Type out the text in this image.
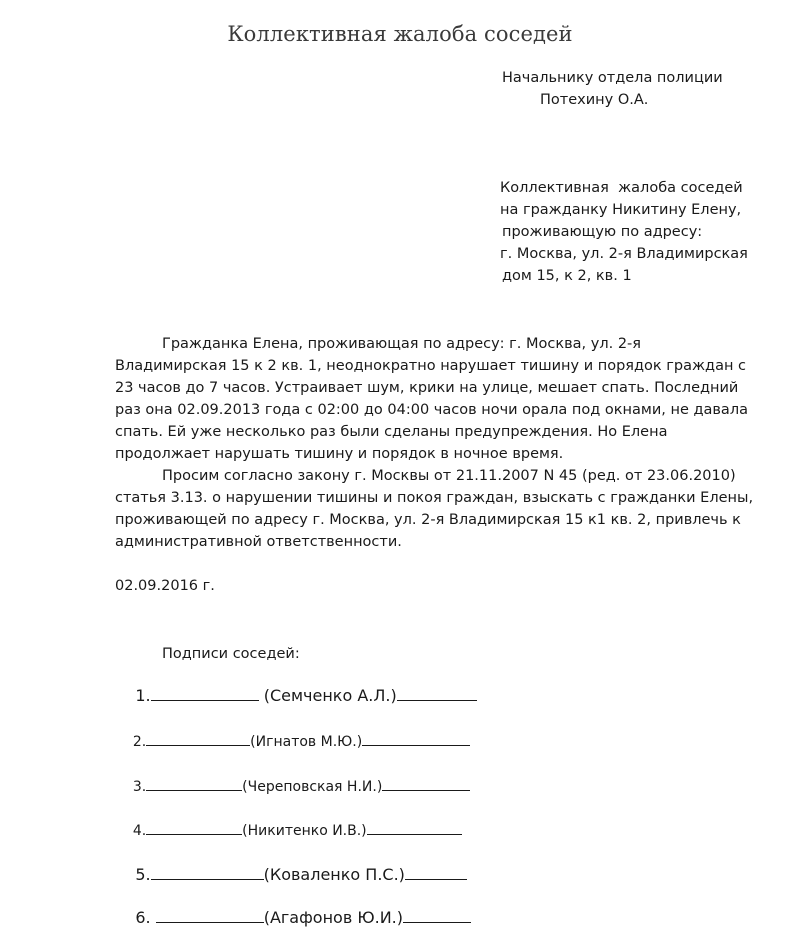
Коллективная жалоба соседей
Начальнику отдела полиции
Потехину О.А.
Коллективная  жалоба соседей
на гражданку Никитину Елену,
проживающую по адресу:
г. Москва, ул. 2-я Владимирская
дом 15, к 2, кв. 1

Гражданка Елена, проживающая по адресу: г. Москва, ул. 2-я Владимирская 15 к 2 кв. 1, неоднократно нарушает тишину и порядок граждан с 23 часов до 7 часов. Устраивает шум, крики на улице, мешает спать. Последний раз она 02.09.2013 года с 02:00 до 04:00 часов ночи орала под окнами, не давала спать. Ей уже несколько раз были сделаны предупреждения. Но Елена продолжает нарушать тишину и порядок в ночное время.

Просим согласно закону г. Москвы от 21.11.2007 N 45 (ред. от 23.06.2010) статья 3.13. о нарушении тишины и покоя граждан, взыскать с гражданки Елены, проживающей по адресу г. Москва, ул. 2-я Владимирская 15 к1 кв. 2, привлечь к административной ответственности.

02.09.2016 г.
Подписи соседей:

1.	(Семченко А.Л.)

2.	(Игнатов М.Ю.)

3.	(Череповская Н.И.)

4.	(Никитенко И.В.)

5.	(Коваленко П.С.)

6.	(Агафонов Ю.И.)
